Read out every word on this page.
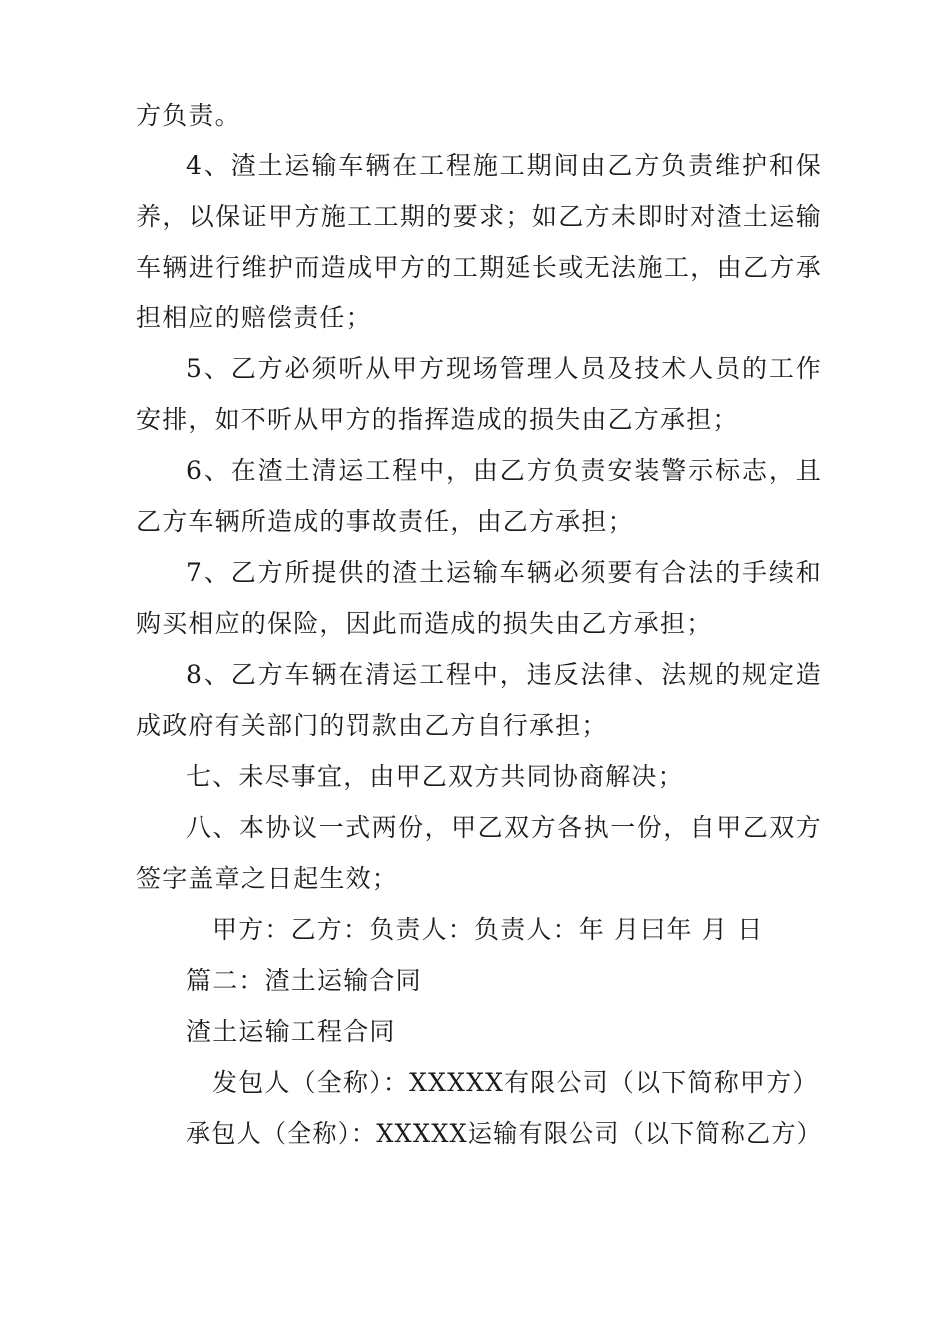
方负责。
4、渣土运输车辆在工程施工期间由乙方负责维护和保
养，以保证甲方施工工期的要求；如乙方未即时对渣土运输
车辆进行维护而造成甲方的工期延长或无法施工，由乙方承
担相应的赔偿责任；
5、乙方必须听从甲方现场管理人员及技术人员的工作
安排，如不听从甲方的指挥造成的损失由乙方承担；
6、在渣土清运工程中，由乙方负责安装警示标志，且
乙方车辆所造成的事故责任，由乙方承担；
7、乙方所提供的渣土运输车辆必须要有合法的手续和
购买相应的保险，因此而造成的损失由乙方承担；
8、乙方车辆在清运工程中，违反法律、法规的规定造
成政府有关部门的罚款由乙方自行承担；
七、未尽事宜，由甲乙双方共同协商解决；
八、本协议一式两份，甲乙双方各执一份，自甲乙双方
签字盖章之日起生效；
甲方：乙方：负责人：负责人：年 月曰年 月 日
篇二：渣土运输合同
渣土运输工程合同
发包人（全称）：XXXXX有限公司（以下简称甲方）
承包人（全称）：XXXXX运输有限公司（以下简称乙方）
